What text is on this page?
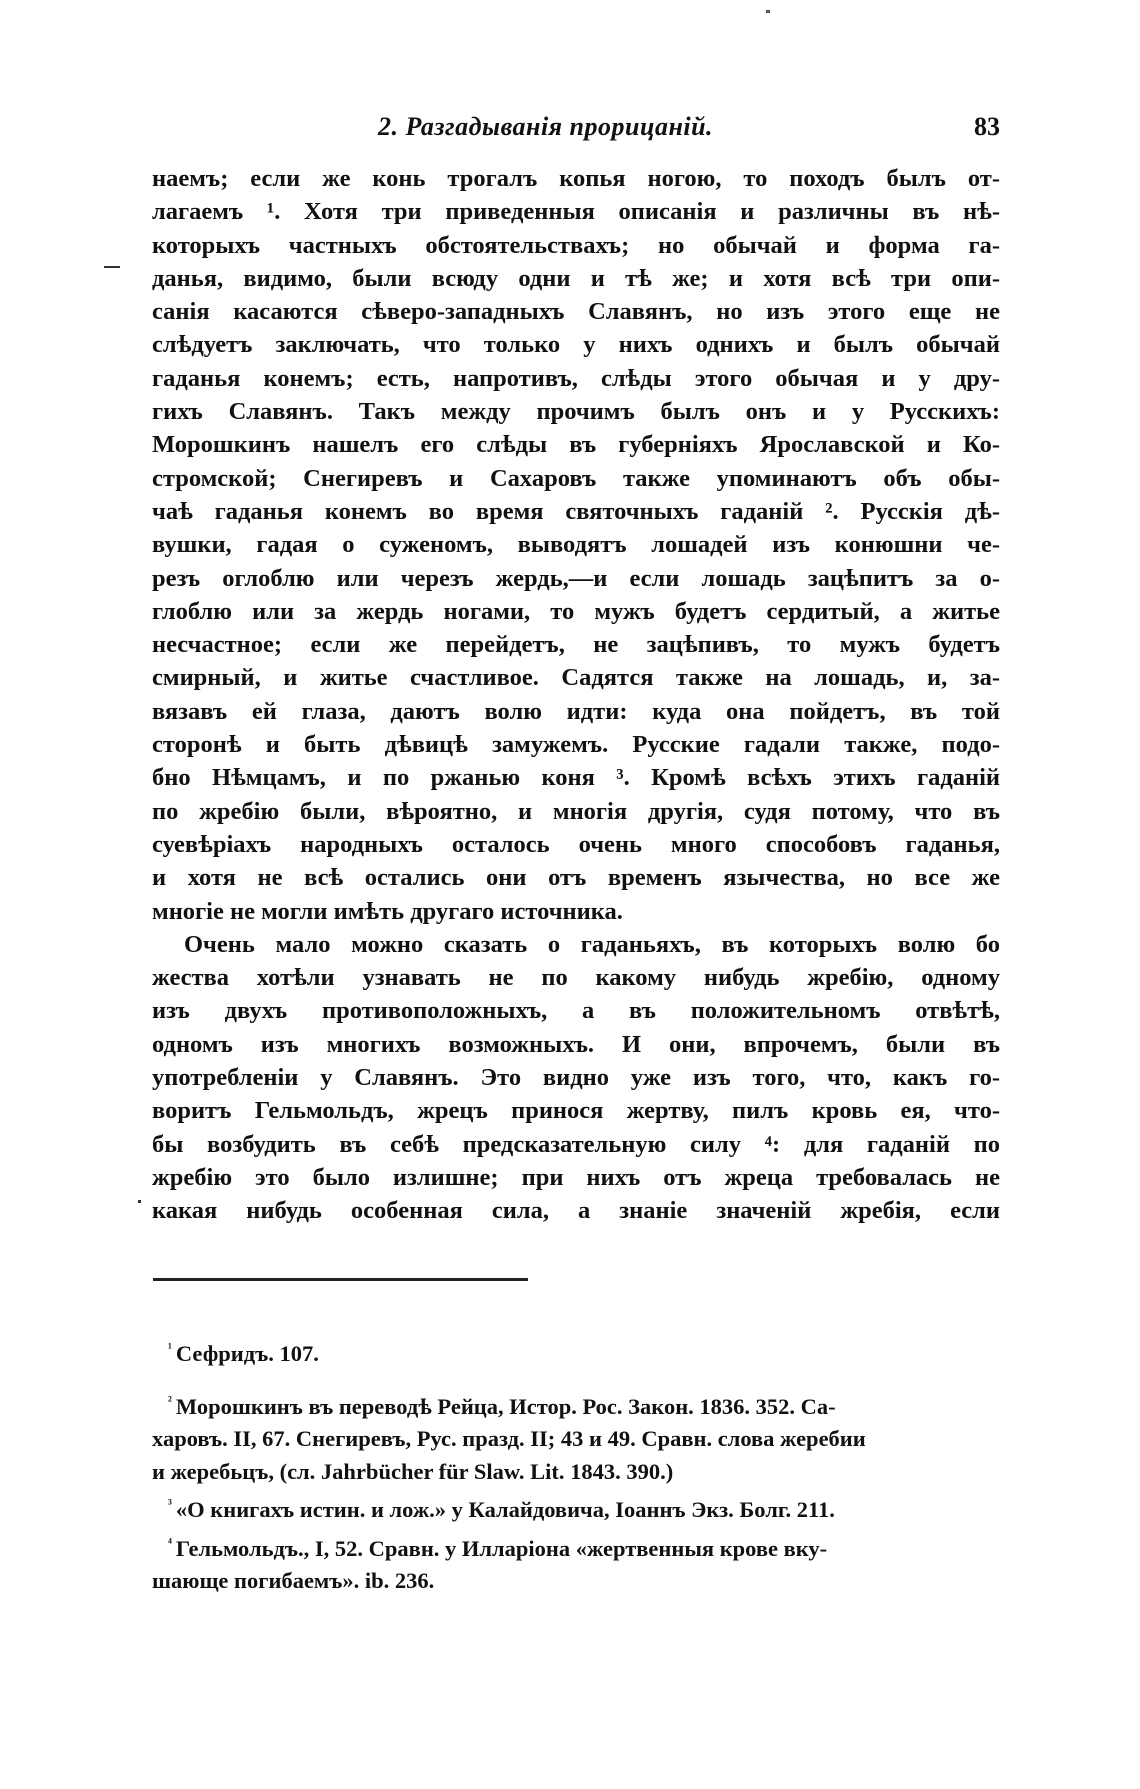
2. Разгадыванія прорицаній.	83
наемъ; если же конь трогалъ копья ногою, то походъ былъ от-
лагаемъ ¹. Хотя три приведенныя описанія и различны въ нѣ-
которыхъ частныхъ обстоятельствахъ; но обычай и форма га-
данья, видимо, были всюду одни и тѣ же; и хотя всѣ три опи-
санія касаются сѣверо-западныхъ Славянъ, но изъ этого еще не
слѣдуетъ заключать, что только у нихъ однихъ и былъ обычай
гаданья конемъ; есть, напротивъ, слѣды этого обычая и у дру-
гихъ Славянъ. Такъ между прочимъ былъ онъ и у Русскихъ:
Морошкинъ нашелъ его слѣды въ губерніяхъ Ярославской и Ко-
стромской; Снегиревъ и Сахаровъ также упоминаютъ объ обы-
чаѣ гаданья конемъ во время святочныхъ гаданій ². Русскія дѣ-
вушки, гадая о суженомъ, выводятъ лошадей изъ конюшни че-
резъ оглоблю или черезъ жердь,—и если лошадь зацѣпитъ за о-
глоблю или за жердь ногами, то мужъ будетъ сердитый, а житье
несчастное; если же перейдетъ, не зацѣпивъ, то мужъ будетъ
смирный, и житье счастливое. Садятся также на лошадь, и, за-
вязавъ ей глаза, даютъ волю идти: куда она пойдетъ, въ той
сторонѣ и быть дѣвицѣ замужемъ. Русские гадали также, подо-
бно Нѣмцамъ, и по ржанью коня ³. Кромѣ всѣхъ этихъ гаданій
по жребію были, вѣроятно, и многія другія, судя потому, что въ
суевѣріахъ народныхъ осталось очень много способовъ гаданья,
и хотя не всѣ остались они отъ временъ язычества, но все же
многіе не могли имѣть другаго источника.
Очень мало можно сказать о гаданьяхъ, въ которыхъ волю бо
жества хотѣли узнавать не по какому нибудь жребію, одному
изъ двухъ противоположныхъ, а въ положительномъ отвѣтѣ,
одномъ изъ многихъ возможныхъ. И они, впрочемъ, были въ
употребленіи у Славянъ. Это видно уже изъ того, что, какъ го-
воритъ Гельмольдъ, жрецъ принося жертву, пилъ кровь ея, что-
бы возбудить въ себѣ предсказательную силу ⁴: для гаданій по
жребію это было излишне; при нихъ отъ жреца требовалась не
какая нибудь особенная сила, а знаніе значеній жребія, если
$^{^1}$ Сефридъ. 107.
$^{^2}$ Морошкинъ въ переводѣ Рейца, Истор. Рос. Закон. 1836. 352. Са-
харовъ. II, 67. Снегиревъ, Рус. празд. II; 43 и 49. Сравн. слова жеребии
и жеребьцъ, (сл. Jahrbücher für Slaw. Lit. 1843. 390.)
$^{^3}$ «О книгахъ истин. и лож.» у Калайдовича, Іоаннъ Экз. Болг. 211.
$^{^4}$ Гельмольдъ., I, 52. Сравн. у Илларіона «жертвенныя крове вку-
шающе погибаемъ». ib. 236.
